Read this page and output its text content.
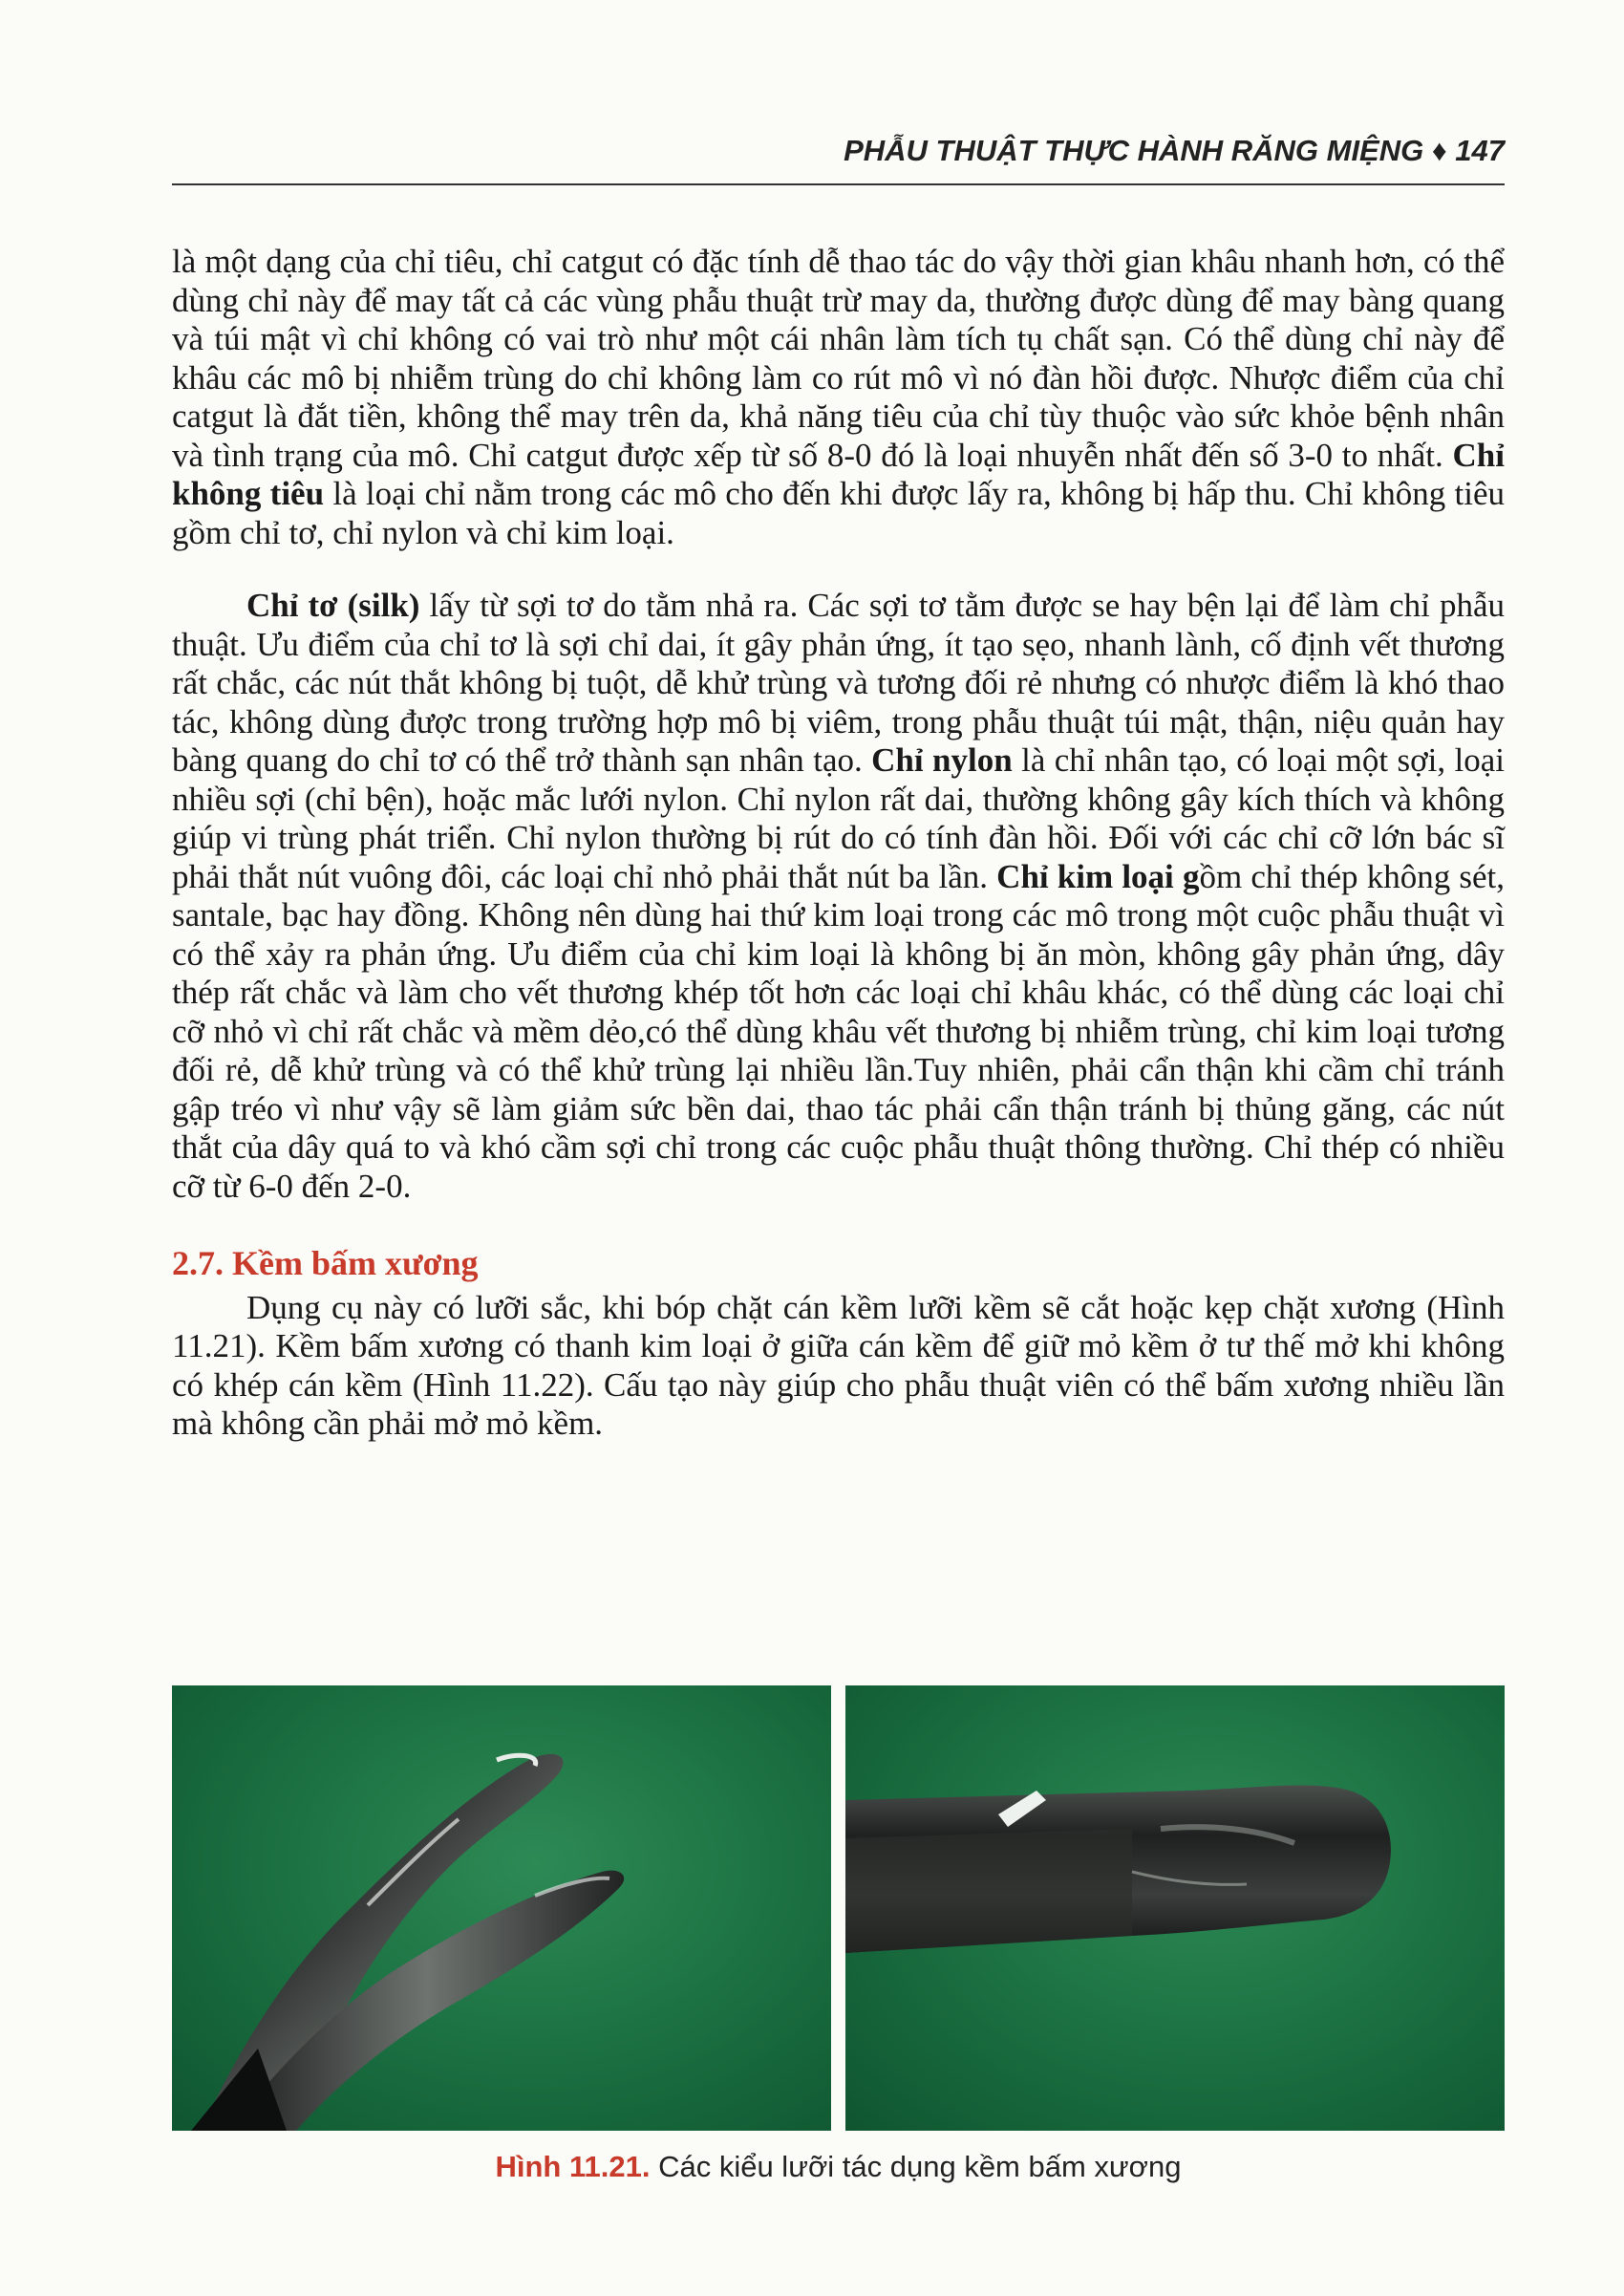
PHẪU THUẬT THỰC HÀNH RĂNG MIỆNG ♦ 147

là một dạng của chỉ tiêu, chỉ catgut có đặc tính dễ thao tác do vậy thời gian khâu nhanh hơn, có thể dùng chỉ này để may tất cả các vùng phẫu thuật trừ may da, thường được dùng để may bàng quang và túi mật vì chỉ không có vai trò như một cái nhân làm tích tụ chất sạn. Có thể dùng chỉ này để khâu các mô bị nhiễm trùng do chỉ không làm co rút mô vì nó đàn hồi được. Nhược điểm của chỉ catgut là đắt tiền, không thể may trên da, khả năng tiêu của chỉ tùy thuộc vào sức khỏe bệnh nhân và tình trạng của mô. Chỉ catgut được xếp từ số 8-0 đó là loại nhuyễn nhất đến số 3-0 to nhất. Chỉ không tiêu là loại chỉ nằm trong các mô cho đến khi được lấy ra, không bị hấp thu. Chỉ không tiêu gồm chỉ tơ, chỉ nylon và chỉ kim loại.

Chỉ tơ (silk) lấy từ sợi tơ do tằm nhả ra. Các sợi tơ tằm được se hay bện lại để làm chỉ phẫu thuật. Ưu điểm của chỉ tơ là sợi chỉ dai, ít gây phản ứng, ít tạo sẹo, nhanh lành, cố định vết thương rất chắc, các nút thắt không bị tuột, dễ khử trùng và tương đối rẻ nhưng có nhược điểm là khó thao tác, không dùng được trong trường hợp mô bị viêm, trong phẫu thuật túi mật, thận, niệu quản hay bàng quang do chỉ tơ có thể trở thành sạn nhân tạo. Chỉ nylon là chỉ nhân tạo, có loại một sợi, loại nhiều sợi (chỉ bện), hoặc mắc lưới nylon. Chỉ nylon rất dai, thường không gây kích thích và không giúp vi trùng phát triển. Chỉ nylon thường bị rút do có tính đàn hồi. Đối với các chỉ cỡ lớn bác sĩ phải thắt nút vuông đôi, các loại chỉ nhỏ phải thắt nút ba lần. Chỉ kim loại gồm chỉ thép không sét, santale, bạc hay đồng. Không nên dùng hai thứ kim loại trong các mô trong một cuộc phẫu thuật vì có thể xảy ra phản ứng. Ưu điểm của chỉ kim loại là không bị ăn mòn, không gây phản ứng, dây thép rất chắc và làm cho vết thương khép tốt hơn các loại chỉ khâu khác, có thể dùng các loại chỉ cỡ nhỏ vì chỉ rất chắc và mềm dẻo,có thể dùng khâu vết thương bị nhiễm trùng, chỉ kim loại tương đối rẻ, dễ khử trùng và có thể khử trùng lại nhiều lần.Tuy nhiên, phải cẩn thận khi cầm chỉ tránh gập tréo vì như vậy sẽ làm giảm sức bền dai, thao tác phải cẩn thận tránh bị thủng găng, các nút thắt của dây quá to và khó cầm sợi chỉ trong các cuộc phẫu thuật thông thường. Chỉ thép có nhiều cỡ từ 6-0 đến 2-0.

2.7. Kềm bấm xương

Dụng cụ này có lưỡi sắc, khi bóp chặt cán kềm lưỡi kềm sẽ cắt hoặc kẹp chặt xương (Hình 11.21). Kềm bấm xương có thanh kim loại ở giữa cán kềm để giữ mỏ kềm ở tư thế mở khi không có khép cán kềm (Hình 11.22). Cấu tạo này giúp cho phẫu thuật viên có thể bấm xương nhiều lần mà không cần phải mở mỏ kềm.

Hình 11.21. Các kiểu lưỡi tác dụng kềm bấm xương
